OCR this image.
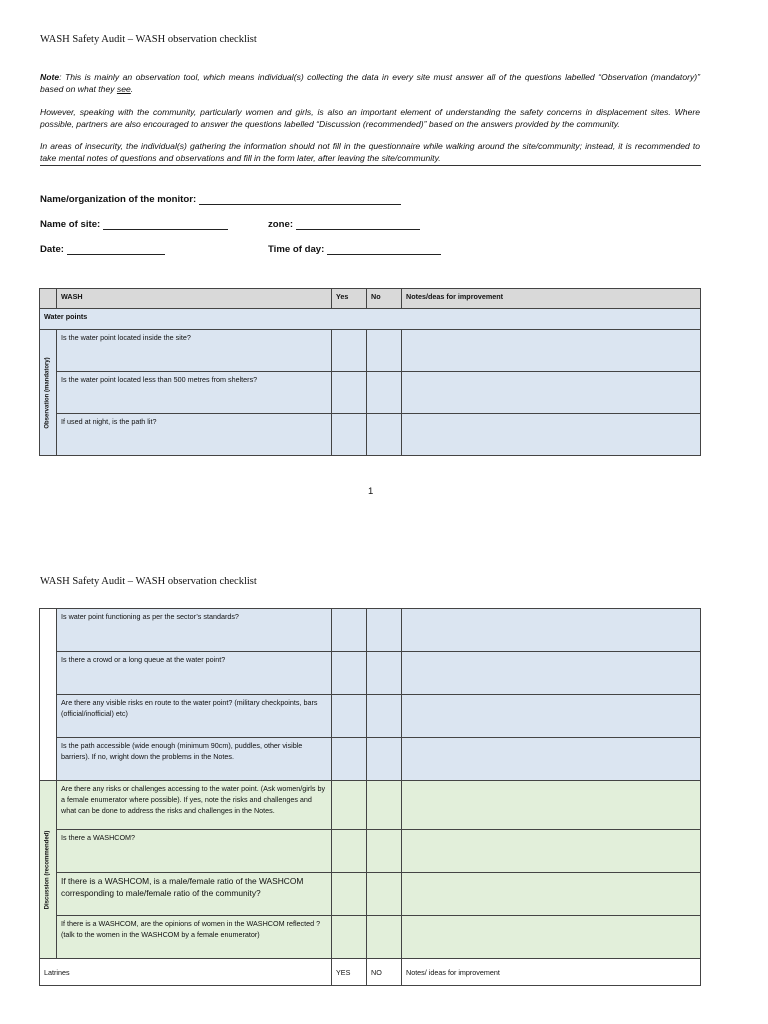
WASH Safety Audit – WASH observation checklist
Note: This is mainly an observation tool, which means individual(s) collecting the data in every site must answer all of the questions labelled “Observation (mandatory)” based on what they see.
However, speaking with the community, particularly women and girls, is also an important element of understanding the safety concerns in displacement sites. Where possible, partners are also encouraged to answer the questions labelled “Discussion (recommended)” based on the answers provided by the community.
In areas of insecurity, the individual(s) gathering the information should not fill in the questionnaire while walking around the site/community; instead, it is recommended to take mental notes of questions and observations and fill in the form later, after leaving the site/community.
Name/organization of the monitor:
Name of site:	zone:
Date:	Time of day:
	WASH	Yes	No	Notes/deas for improvement
Water points				

Observation (mandatory)	Is the water point located inside the site?			
	Is the water point located less than 500 metres from shelters?			
	If used at night, is the path lit?			
1
WASH Safety Audit – WASH observation checklist
	Is water point functioning as per the sector’s standards?			
	Is there a crowd or a long queue at the water point?			
	Are there any visible risks en route to the water point? (military checkpoints, bars (official/inofficial) etc)			
	Is the path accessible (wide enough (minimum 90cm), puddles, other visible barriers). If no, wright down the problems in the Notes.			

Discussion (recommended)	Are there any risks or challenges accessing to the water point. (Ask women/girls by a female enumerator where possible). If yes, note the risks and challenges and what can be done to address the risks and challenges in the Notes.			
	Is there a WASHCOM?			
	If there is a WASHCOM, is a male/female ratio of the WASHCOM corresponding to male/female ratio of the community?			
	If there is a WASHCOM, are the opinions of women in the WASHCOM reflected ? (talk to the women in the WASHCOM by a female enumerator)			
Latrines		YES	NO	Notes/ ideas for improvement
